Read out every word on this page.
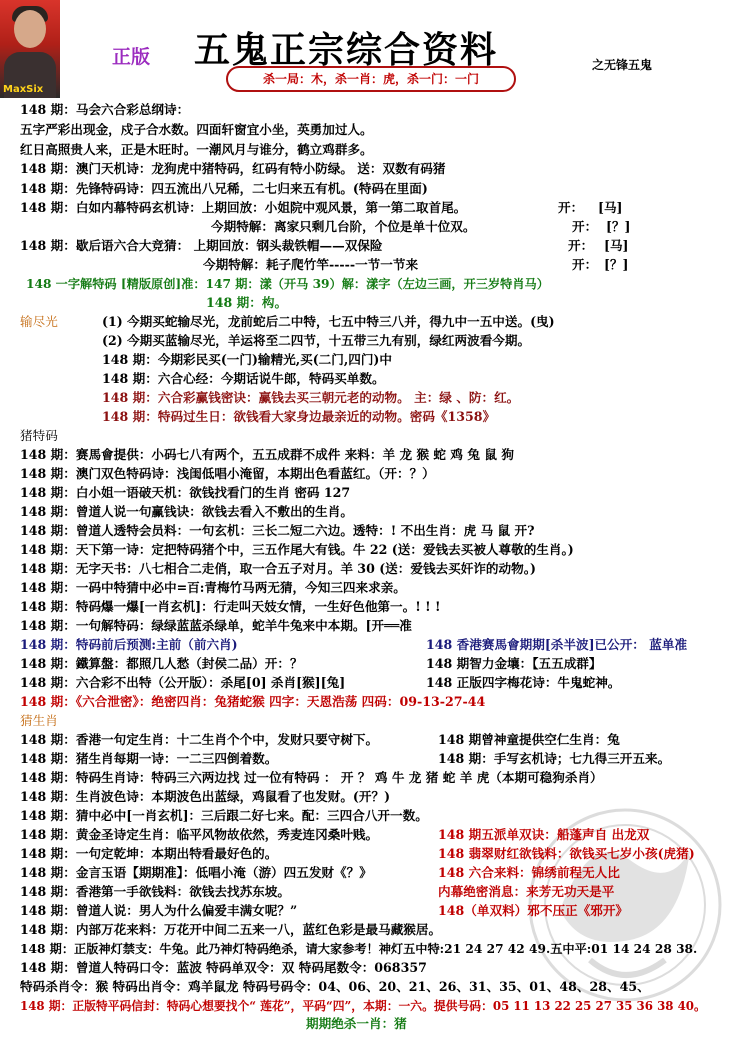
MaxSix
正版 五鬼正宗综合资料	之无锋五鬼
杀一局：木，杀一肖：虎，杀一门：一门
148 期：马会六合彩总纲诗：
五字严彩出现金，戍子合水数。四面轩窗宜小坐，英勇加过人。
红日高照贵人来，正是木旺时。一潮风月与谁分，鹤立鸡群多。
148 期：澳门天机诗：龙狗虎中猪特码，红码有特小防绿。 送：双数有码猪
148 期：先锋特码诗：四五流出八兄稀，二七归来五有机。(特码在里面)
148 期：白如内幕特码玄机诗：上期回放：小姐院中观风景，第一第二取首尾。	开： [马]
今期特解：离家只剩几台阶，个位是单十位双。	开： [？]
148 期：歇后语六合大竞猜： 上期回放：钢头裁铁帽——双保险	开： [马]
今期特解：耗子爬竹竿-----一节一节来	开： [？]
148 一字解特码 [精版原创]准：147 期：漾（开马 39）解：漾字（左边三画，开三岁特肖马）
148 期：构。
输尽光	(1) 今期买蛇输尽光，龙前蛇后二中特，七五中特三八并，得九中一五中送。(曳)
(2) 今期买蓝输尽光，羊运将至二四节，十五带三九有别，绿红两波看今期。
148 期：今期彩民买(一门)输精光,买(二门,四门)中
148 期：六合心经：今期话说牛郎，特码买单数。
148 期：六合彩赢钱密诀：赢钱去买三朝元老的动物。 主：绿 、防：红。
148 期：特码过生日：欲钱看大家身边最亲近的动物。密码《1358》
猪特码
148 期：赛馬會提供：小码七八有两个，五五成群不成件 来料：羊 龙 猴 蛇 鸡 兔 鼠 狗
148 期：澳门双色特码诗：浅闺低唱小淹留，本期出色看蓝红。（开：？）
148 期：白小姐一语破天机：欲钱找看门的生肖 密码 127
148 期：曾道人说一句赢钱诀：欲钱去看入不敷出的生肖。
148 期：曾道人透特会员料：一句玄机：三长二短二六边。透特：! 不出生肖：虎 马 鼠 开?
148 期：天下第一诗：定把特码猪个中，三五作尾大有钱。牛 22 (送：爱钱去买被人尊敬的生肖。)
148 期：无字天书：八七相合二走俏，取一合五子对月。羊 30 (送：爱钱去买奸诈的动物。)
148 期：一码中特猜中必中=百:青梅竹马两无猜，今知三四来求亲。
148 期：特码爆一爆[一肖玄机]：行走叫天妓女情，一生好色他第一。! ! !
148 期：一句解特码：绿绿蓝蓝杀绿单，蛇羊牛兔来中本期。[开══准
148 期：特码前后预测:主前（前六肖)	148 香港赛馬會期期[杀半波]已公开： 蓝单准
148 期：鐵算盤：都照几人愁（封侯二品）开：？	148 期智力金壤：【五五成群】
148 期：六合彩不出特（公开版）：杀尾[0] 杀肖[猴][兔]	148 正版四字梅花诗：牛鬼蛇神。
148 期：《六合泄密》：绝密四肖：兔猪蛇猴 四字：天恩浩荡 四码：09-13-27-44
猜生肖
148 期：香港一句定生肖：十二生肖个个中，发财只要守树下。	148 期曾神童提供空仁生肖：兔
148 期：猪生肖每期一诗：一二三四倒着数。	148 期：手写玄机诗；七九得三开五来。
148 期：特码生肖诗：特码三六两边找 过一位有特码 ： 开 ？ 鸡 牛 龙 猪 蛇 羊 虎（本期可稳狗杀肖）
148 期：生肖波色诗：本期波色出蓝绿，鸡鼠看了也发财。(开？)
148 期：猜中必中[一肖玄机]：三后跟二好七来。配：三四合八开一数。
148 期：黄金圣诗定生肖：临平风物故依然，秀麦连冈桑叶贱。	148 期五派单双诀：船蓬声自 出龙双
148 期：一句定乾坤：本期出特看最好色的。	148 翡翠财红欲钱料：欲钱买七岁小孩(虎猪)
148 期：金言玉语【期期准】：低唱小淹（游）四五发财《？》	148 六合来料：锦绣前程无人比
148 期：香港第一手欲钱料：欲钱去找苏东坡。	内幕绝密消息：来芳无功天是平
148 期：曾道人说：男人为什么偏爱丰满女呢？”	148（单双料）邪不压正《邪开》
148 期：内部万花来料：万花开中间二五来一八，蓝红色彩是最马藏猴居。
148 期：正版神灯禁支：牛兔。此乃神灯特码绝杀，请大家参考！神灯五中特:21 24 27 42 49.五中平:01 14 24 28 38.
148 期：曾道人特码口令：蓝波 特码单双令：双 特码尾数令：068357
特码杀肖令：猴 特码出肖令：鸡羊鼠龙 特码号码令：04、06、20、21、26、31、35、01、48、28、45、
148 期：正版特平码信封：特码心想要找个“ 莲花”，平码“四”，本期：一六。提供号码：05 11 13 22 25 27 35 36 38 40。
期期绝杀一肖：猪
